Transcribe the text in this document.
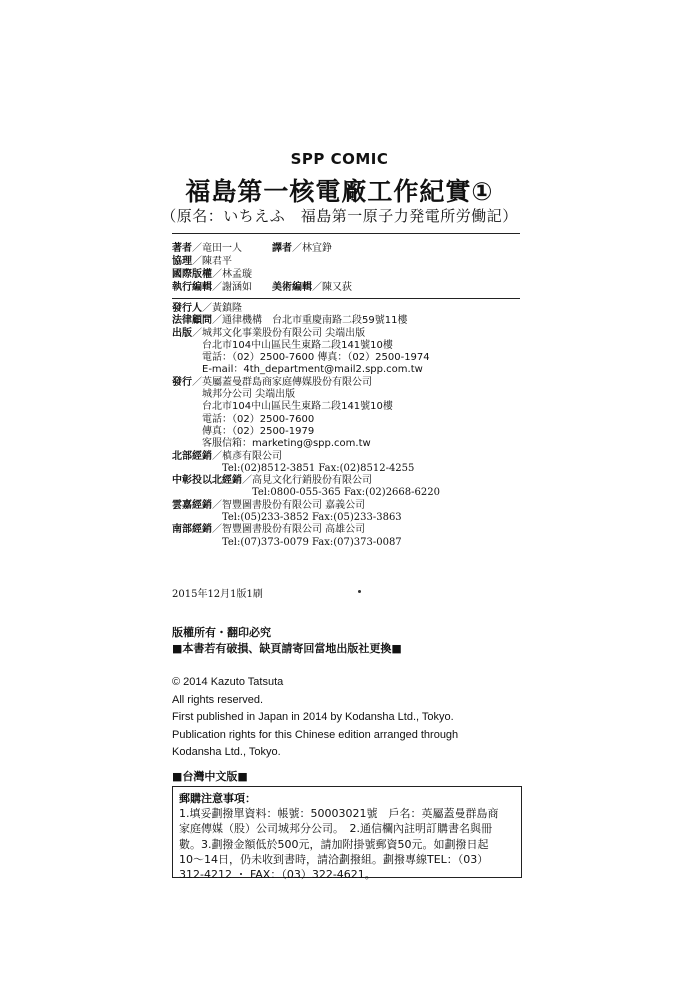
SPP COMIC
福島第一核電廠工作紀實①
（原名：いちえふ　福島第一原子力発電所労働記）
著者／竜田一人	譯者／林宜錚
協理／陳君平
國際版權／林孟璇
執行編輯／謝涵如	美術編輯／陳又荻
發行人／黃鎮隆
法律顧問／通律機構　台北市重慶南路二段59號11樓
出版／城邦文化事業股份有限公司 尖端出版
台北市104中山區民生東路二段141號10樓
電話：（02）2500-7600 傳真：（02）2500-1974
E-mail：4th_department@mail2.spp.com.tw
發行／英屬蓋曼群島商家庭傳媒股份有限公司
城邦分公司 尖端出版
台北市104中山區民生東路二段141號10樓
電話：（02）2500-7600
傳真：（02）2500-1979
客服信箱：marketing@spp.com.tw
北部經銷／槙彥有限公司
Tel:(02)8512-3851 Fax:(02)8512-4255
中彰投以北經銷／高見文化行銷股份有限公司
Tel:0800-055-365 Fax:(02)2668-6220
雲嘉經銷／智豐圖書股份有限公司 嘉義公司
Tel:(05)233-3852 Fax:(05)233-3863
南部經銷／智豐圖書股份有限公司 高雄公司
Tel:(07)373-0079 Fax:(07)373-0087
2015年12月1版1刷
版權所有・翻印必究
■本書若有破損、缺頁請寄回當地出版社更換■
© 2014 Kazuto Tatsuta
All rights reserved.
First published in Japan in 2014 by Kodansha Ltd., Tokyo.
Publication rights for this Chinese edition arranged through
Kodansha Ltd., Tokyo.
■台灣中文版■
郵購注意事項：
1.填妥劃撥單資料：帳號：50003021號　戶名：英屬蓋曼群島商
家庭傳媒（股）公司城邦分公司。　2.通信欄內註明訂購書名與冊
數。3.劃撥金額低於500元，請加附掛號郵資50元。如劃撥日起
10～14日，仍未收到書時，請洽劃撥組。劃撥專線TEL：（03）
312-4212 ・ FAX：（03）322-4621。
